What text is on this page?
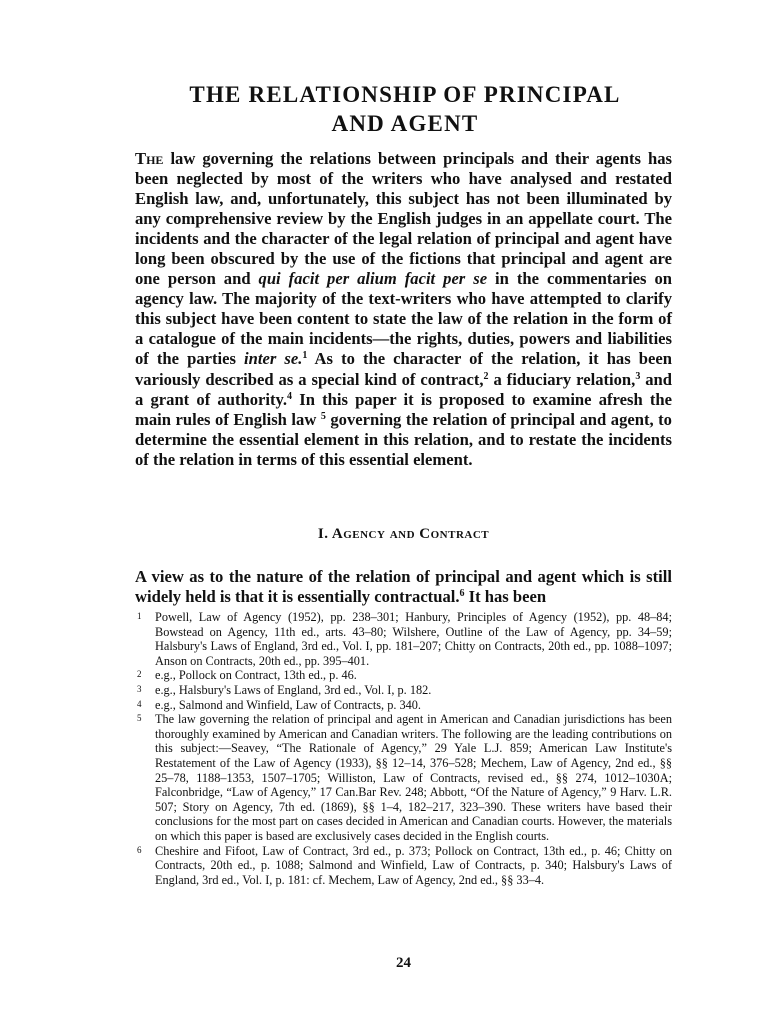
THE RELATIONSHIP OF PRINCIPAL
AND AGENT

The law governing the relations between principals and their agents has been neglected by most of the writers who have analysed and restated English law, and, unfortunately, this subject has not been illuminated by any comprehensive review by the English judges in an appellate court. The incidents and the character of the legal relation of principal and agent have long been obscured by the use of the fictions that principal and agent are one person and qui facit per alium facit per se in the commentaries on agency law. The majority of the text-writers who have attempted to clarify this subject have been content to state the law of the relation in the form of a catalogue of the main incidents—the rights, duties, powers and liabilities of the parties inter se.$^1$ As to the character of the relation, it has been variously described as a special kind of contract,$^2$ a fiduciary relation,$^3$ and a grant of authority.$^4$ In this paper it is proposed to examine afresh the main rules of English law $^5$ governing the relation of principal and agent, to determine the essential element in this relation, and to restate the incidents of the relation in terms of this essential element.

I. Agency and Contract

A view as to the nature of the relation of principal and agent which is still widely held is that it is essentially contractual.$^6$ It has been

1 Powell, Law of Agency (1952), pp. 238–301; Hanbury, Principles of Agency (1952), pp. 48–84; Bowstead on Agency, 11th ed., arts. 43–80; Wilshere, Outline of the Law of Agency, pp. 34–59; Halsbury's Laws of England, 3rd ed., Vol. I, pp. 181–207; Chitty on Contracts, 20th ed., pp. 1088–1097; Anson on Contracts, 20th ed., pp. 395–401.
2 e.g., Pollock on Contract, 13th ed., p. 46.
3 e.g., Halsbury's Laws of England, 3rd ed., Vol. I, p. 182.
4 e.g., Salmond and Winfield, Law of Contracts, p. 340.
5 The law governing the relation of principal and agent in American and Canadian jurisdictions has been thoroughly examined by American and Canadian writers. The following are the leading contributions on this subject:—Seavey, “The Rationale of Agency,” 29 Yale L.J. 859; American Law Institute's Restatement of the Law of Agency (1933), §§ 12–14, 376–528; Mechem, Law of Agency, 2nd ed., §§ 25–78, 1188–1353, 1507–1705; Williston, Law of Contracts, revised ed., §§ 274, 1012–1030A; Falconbridge, “Law of Agency,” 17 Can.Bar Rev. 248; Abbott, “Of the Nature of Agency,” 9 Harv. L.R. 507; Story on Agency, 7th ed. (1869), §§ 1–4, 182–217, 323–390. These writers have based their conclusions for the most part on cases decided in American and Canadian courts. However, the materials on which this paper is based are exclusively cases decided in the English courts.
6 Cheshire and Fifoot, Law of Contract, 3rd ed., p. 373; Pollock on Contract, 13th ed., p. 46; Chitty on Contracts, 20th ed., p. 1088; Salmond and Winfield, Law of Contracts, p. 340; Halsbury's Laws of England, 3rd ed., Vol. I, p. 181: cf. Mechem, Law of Agency, 2nd ed., §§ 33–4.
24
